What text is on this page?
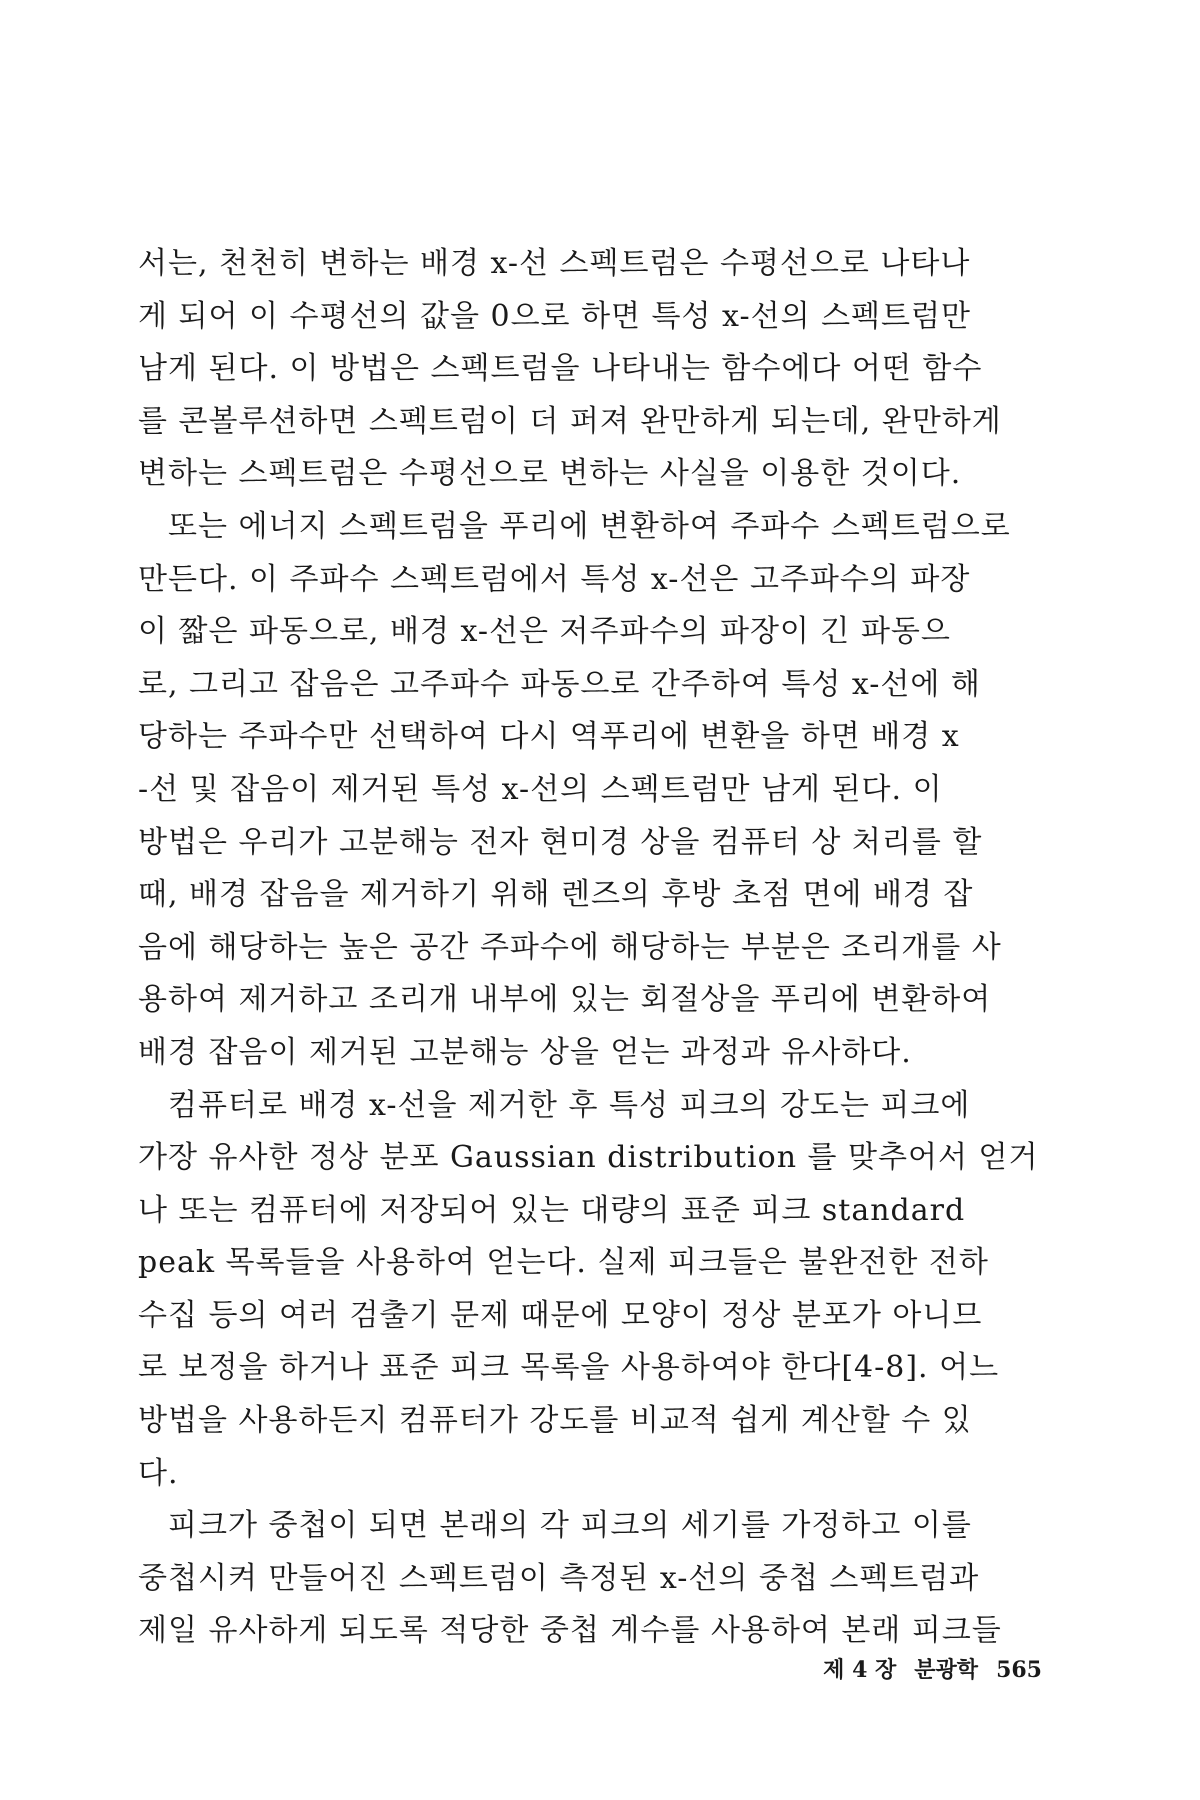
서는, 천천히 변하는 배경 x-선 스펙트럼은 수평선으로 나타나
게 되어 이 수평선의 값을 0으로 하면 특성 x-선의 스펙트럼만
남게 된다. 이 방법은 스펙트럼을 나타내는 함수에다 어떤 함수
를 콘볼루션하면 스펙트럼이 더 퍼져 완만하게 되는데, 완만하게
변하는 스펙트럼은 수평선으로 변하는 사실을 이용한 것이다.
또는 에너지 스펙트럼을 푸리에 변환하여 주파수 스펙트럼으로
만든다. 이 주파수 스펙트럼에서 특성 x-선은 고주파수의 파장
이 짧은 파동으로, 배경 x-선은 저주파수의 파장이 긴 파동으
로, 그리고 잡음은 고주파수 파동으로 간주하여 특성 x-선에 해
당하는 주파수만 선택하여 다시 역푸리에 변환을 하면 배경 x
-선 및 잡음이 제거된 특성 x-선의 스펙트럼만 남게 된다. 이
방법은 우리가 고분해능 전자 현미경 상을 컴퓨터 상 처리를 할
때, 배경 잡음을 제거하기 위해 렌즈의 후방 초점 면에 배경 잡
음에 해당하는 높은 공간 주파수에 해당하는 부분은 조리개를 사
용하여 제거하고 조리개 내부에 있는 회절상을 푸리에 변환하여
배경 잡음이 제거된 고분해능 상을 얻는 과정과 유사하다.
컴퓨터로 배경 x-선을 제거한 후 특성 피크의 강도는 피크에
가장 유사한 정상 분포 Gaussian distribution 를 맞추어서 얻거
나 또는 컴퓨터에 저장되어 있는 대량의 표준 피크 standard
peak 목록들을 사용하여 얻는다. 실제 피크들은 불완전한 전하
수집 등의 여러 검출기 문제 때문에 모양이 정상 분포가 아니므
로 보정을 하거나 표준 피크 목록을 사용하여야 한다[4-8]. 어느
방법을 사용하든지 컴퓨터가 강도를 비교적 쉽게 계산할 수 있
다.
피크가 중첩이 되면 본래의 각 피크의 세기를 가정하고 이를
중첩시켜 만들어진 스펙트럼이 측정된 x-선의 중첩 스펙트럼과
제일 유사하게 되도록 적당한 중첩 계수를 사용하여 본래 피크들
제 4 장 분광학 565
